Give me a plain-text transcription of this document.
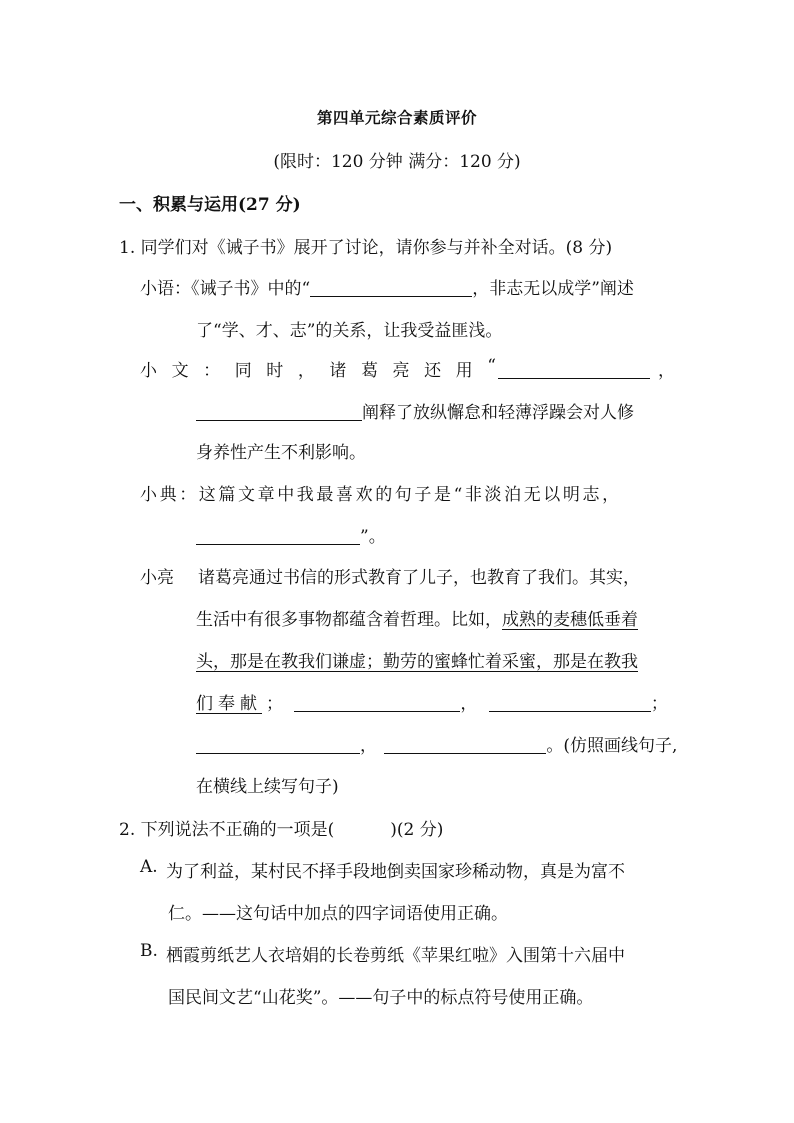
第四单元综合素质评价
(限时：120 分钟 满分：120 分)
一、积累与运用(27 分)
1. 同学们对《诫子书》展开了讨论，请你参与并补全对话。(8 分)
小语：《诫子书》中的“	，非志无以成学”阐述
了“学、才、志”的关系，让我受益匪浅。
小 文 ： 同 时 ， 诸 葛 亮 还 用 “	，
阐释了放纵懈怠和轻薄浮躁会对人修
身养性产生不利影响。
小典：这篇文章中我最喜欢的句子是“非淡泊无以明志，
”。
小亮 诸葛亮通过书信的形式教育了儿子，也教育了我们。其实，
生活中有很多事物都蕴含着哲理。比如，成熟的麦穗低垂着
头，那是在教我们谦虚；勤劳的蜜蜂忙着采蜜，那是在教我
们奉献 ；	，	；
，	。(仿照画线句子,
在横线上续写句子)
2. 下列说法不正确的一项是(	)(2 分)
A. 为了利益，某村民不择手段地倒卖国家珍稀动物，真是为富不
仁。——这句话中加点的四字词语使用正确。
B. 栖霞剪纸艺人衣培娟的长卷剪纸《苹果红啦》入围第十六届中
国民间文艺“山花奖”。——句子中的标点符号使用正确。
